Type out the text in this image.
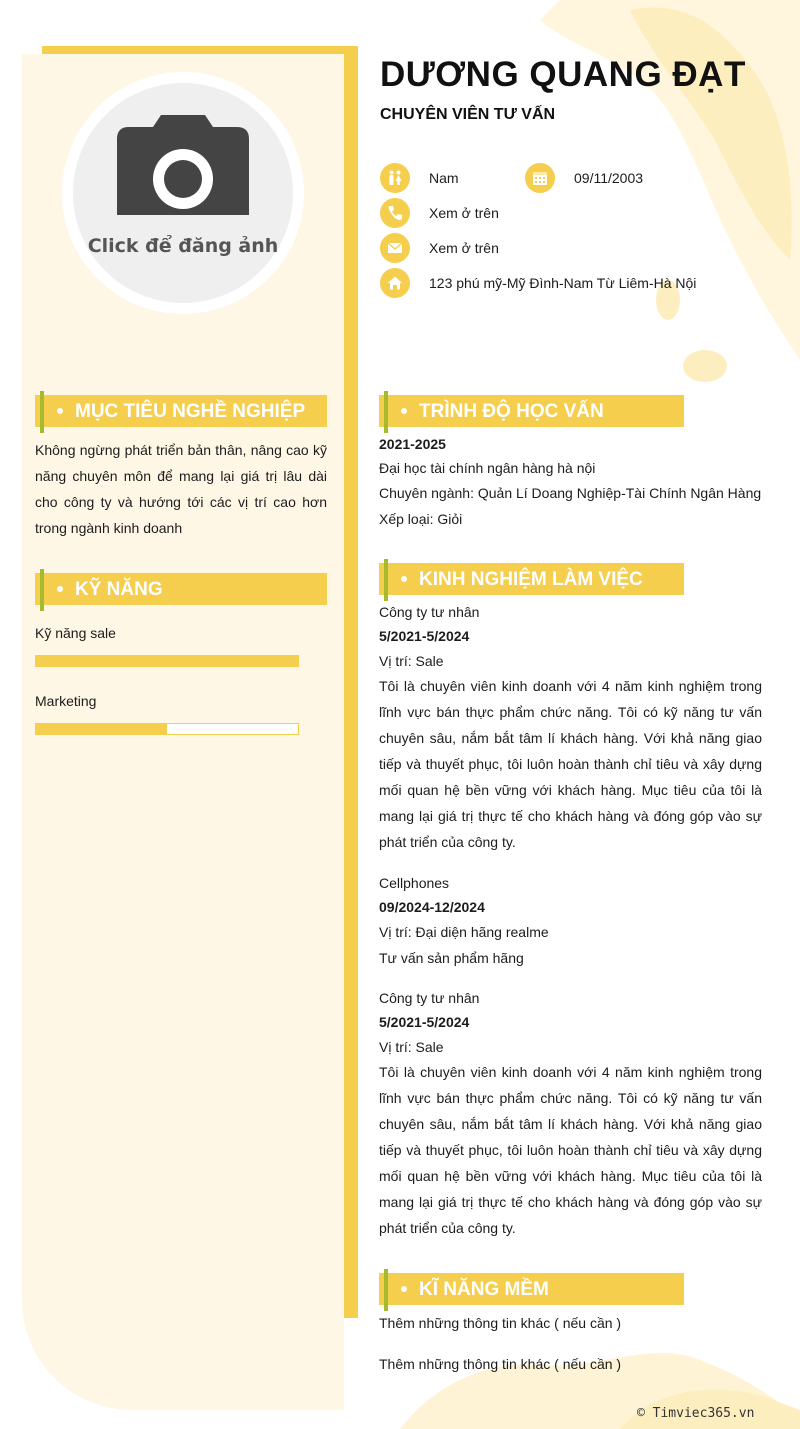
Click để đăng ảnh
DƯƠNG QUANG ĐẠT
CHUYÊN VIÊN TƯ VẤN
Nam	09/11/2003
Xem ở trên
Xem ở trên
123 phú mỹ-Mỹ Đình-Nam Từ Liêm-Hà Nội
MỤC TIÊU NGHỀ NGHIỆP
Không ngừng phát triển bản thân, nâng cao kỹ năng chuyên môn để mang lại giá trị lâu dài cho công ty và hướng tới các vị trí cao hơn trong ngành kinh doanh
KỸ NĂNG
Kỹ năng sale
Marketing
TRÌNH ĐỘ HỌC VẤN
2021-2025
Đại học tài chính ngân hàng hà nội
Chuyên ngành: Quản Lí Doang Nghiệp-Tài Chính Ngân Hàng
Xếp loại: Giỏi
KINH NGHIỆM LÀM VIỆC
Công ty tư nhân
5/2021-5/2024
Vị trí: Sale
Tôi là chuyên viên kinh doanh với 4 năm kinh nghiệm trong lĩnh vực bán thực phẩm chức năng. Tôi có kỹ năng tư vấn chuyên sâu, nắm bắt tâm lí khách hàng. Với khả năng giao tiếp và thuyết phục, tôi luôn hoàn thành chỉ tiêu và xây dựng mối quan hệ bền vững với khách hàng. Mục tiêu của tôi là mang lại giá trị thực tế cho khách hàng và đóng góp vào sự phát triển của công ty.
Cellphones
09/2024-12/2024
Vị trí: Đại diện hãng realme
Tư vấn sản phẩm hãng
Công ty tư nhân
5/2021-5/2024
Vị trí: Sale
Tôi là chuyên viên kinh doanh với 4 năm kinh nghiệm trong lĩnh vực bán thực phẩm chức năng. Tôi có kỹ năng tư vấn chuyên sâu, nắm bắt tâm lí khách hàng. Với khả năng giao tiếp và thuyết phục, tôi luôn hoàn thành chỉ tiêu và xây dựng mối quan hệ bền vững với khách hàng. Mục tiêu của tôi là mang lại giá trị thực tế cho khách hàng và đóng góp vào sự phát triển của công ty.
KĨ NĂNG MỀM
Thêm những thông tin khác ( nếu cần )
Thêm những thông tin khác ( nếu cần )
© Timviec365.vn
